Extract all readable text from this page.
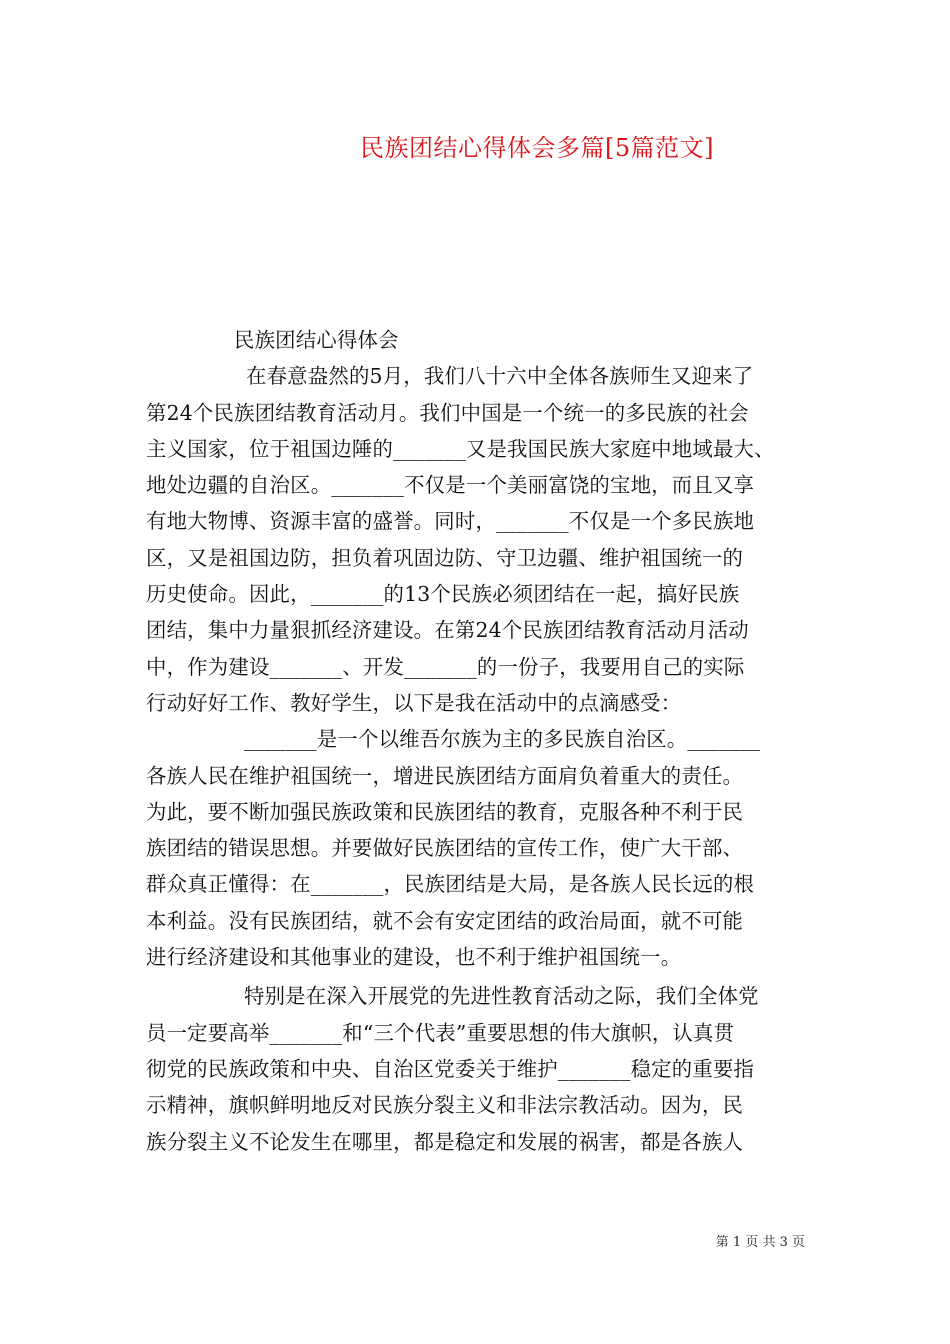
民族团结心得体会多篇[5篇范文]
民族团结心得体会
在春意盎然的5月，我们八十六中全体各族师生又迎来了
第24个民族团结教育活动月。我们中国是一个统一的多民族的社会
主义国家，位于祖国边陲的_______又是我国民族大家庭中地域最大、
地处边疆的自治区。_______不仅是一个美丽富饶的宝地，而且又享
有地大物博、资源丰富的盛誉。同时，_______不仅是一个多民族地
区，又是祖国边防，担负着巩固边防、守卫边疆、维护祖国统一的
历史使命。因此，_______的13个民族必须团结在一起，搞好民族
团结，集中力量狠抓经济建设。在第24个民族团结教育活动月活动
中，作为建设_______、开发_______的一份子，我要用自己的实际
行动好好工作、教好学生，以下是我在活动中的点滴感受：
_______是一个以维吾尔族为主的多民族自治区。_______
各族人民在维护祖国统一，增进民族团结方面肩负着重大的责任。
为此，要不断加强民族政策和民族团结的教育，克服各种不利于民
族团结的错误思想。并要做好民族团结的宣传工作，使广大干部、
群众真正懂得：在_______，民族团结是大局，是各族人民长远的根
本利益。没有民族团结，就不会有安定团结的政治局面，就不可能
进行经济建设和其他事业的建设，也不利于维护祖国统一。
特别是在深入开展党的先进性教育活动之际，我们全体党
员一定要高举_______和“三个代表”重要思想的伟大旗帜，认真贯
彻党的民族政策和中央、自治区党委关于维护_______稳定的重要指
示精神，旗帜鲜明地反对民族分裂主义和非法宗教活动。因为，民
族分裂主义不论发生在哪里，都是稳定和发展的祸害，都是各族人
第 1 页 共 3 页
